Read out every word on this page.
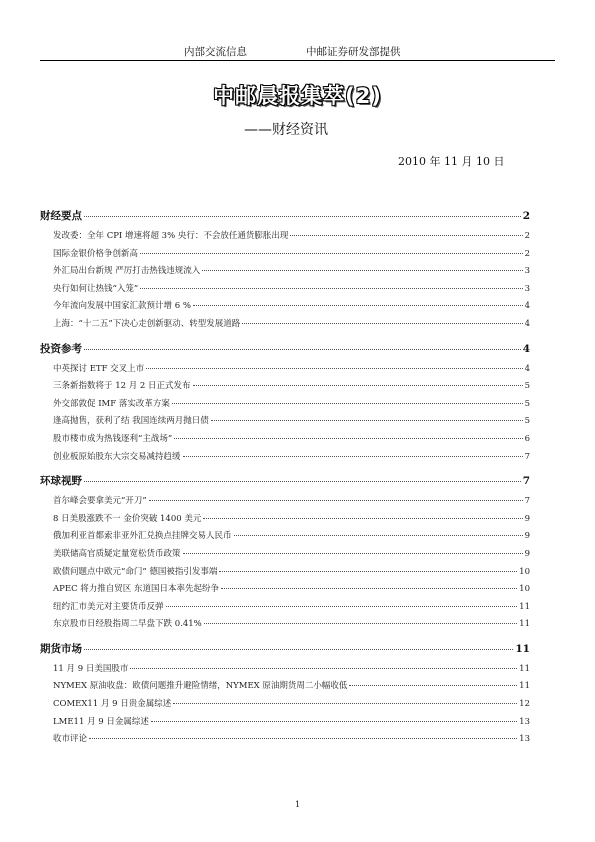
内部交流信息	中邮证券研发部提供
中邮晨报集萃(2)
——财经资讯
2010 年 11 月 10 日
财经要点	2
发改委：全年 CPI 增速将超 3% 央行：不会放任通货膨胀出现	2
国际金银价格争创新高	2
外汇局出台新规 严厉打击热钱违规流入	3
央行如何让热钱“入笼”	3
今年流向发展中国家汇款预计增 6 %	4
上海：“十二五”下决心走创新驱动、转型发展道路	4
投资参考	4
中英探讨 ETF 交叉上市	4
三条新指数将于 12 月 2 日正式发布	5
外交部敦促 IMF 落实改革方案	5
逢高抛售，获利了结 我国连续两月抛日债	5
股市楼市成为热钱逐利“主战场”	6
创业板原始股东大宗交易减持趋缓	7
环球视野	7
首尔峰会要拿美元“开刀”	7
8 日美股涨跌不一 金价突破 1400 美元	9
俄加利亚首都索非亚外汇兑换点挂牌交易人民币	9
美联储高官质疑定量宽松货币政策	9
欧债问题点中欧元“命门” 德国被指引发事端	10
APEC 将力推自贸区 东道国日本率先起纷争	10
纽约汇市美元对主要货币反弹	11
东京股市日经股指周二早盘下跌 0.41%	11
期货市场	11
11 月 9 日美国股市	11
NYMEX 原油收盘：欧债问题推升避险情绪，NYMEX 原油期货周二小幅收低	11
COMEX11 月 9 日贵金属综述	12
LME11 月 9 日金属综述	13
收市评论	13
1
